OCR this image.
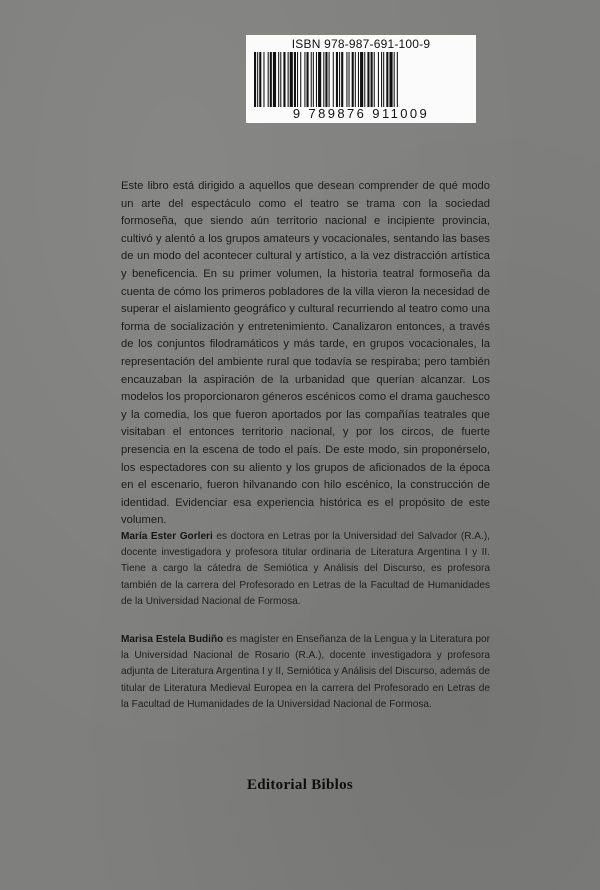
ISBN 978-987-691-100-9
9 789876 911009

Este libro está dirigido a aquellos que desean comprender de qué modo un arte del espectáculo como el teatro se trama con la sociedad formoseña, que siendo aún territorio nacional e incipiente provincia, cultivó y alentó a los grupos amateurs y vocacionales, sentando las bases de un modo del acontecer cultural y artístico, a la vez distracción artística y beneficencia. En su primer volumen, la historia teatral formoseña da cuenta de cómo los primeros pobladores de la villa vieron la necesidad de superar el aislamiento geográfico y cultural recurriendo al teatro como una forma de socialización y entretenimiento. Canalizaron entonces, a través de los conjuntos filodramáticos y más tarde, en grupos vocacionales, la representación del ambiente rural que todavía se respiraba; pero también encauzaban la aspiración de la urbanidad que querían alcanzar. Los modelos los proporcionaron géneros escénicos como el drama gauchesco y la comedia, los que fueron aportados por las compañías teatrales que visitaban el entonces territorio nacional, y por los circos, de fuerte presencia en la escena de todo el país. De este modo, sin proponérselo, los espectadores con su aliento y los grupos de aficionados de la época en el escenario, fueron hilvanando con hilo escénico, la construcción de identidad. Evidenciar esa experiencia histórica es el propósito de este volumen.

María Ester Gorleri es doctora en Letras por la Universidad del Salvador (R.A.), docente investigadora y profesora titular ordinaria de Literatura Argentina I y II. Tiene a cargo la cátedra de Semiótica y Análisis del Discurso, es profesora también de la carrera del Profesorado en Letras de la Facultad de Humanidades de la Universidad Nacional de Formosa.

Marisa Estela Budiño es magíster en Enseñanza de la Lengua y la Literatura por la Universidad Nacional de Rosario (R.A.), docente investigadora y profesora adjunta de Literatura Argentina I y II, Semiótica y Análisis del Discurso, además de titular de Literatura Medieval Europea en la carrera del Profesorado en Letras de la Facultad de Humanidades de la Universidad Nacional de Formosa.

Editorial Biblos
